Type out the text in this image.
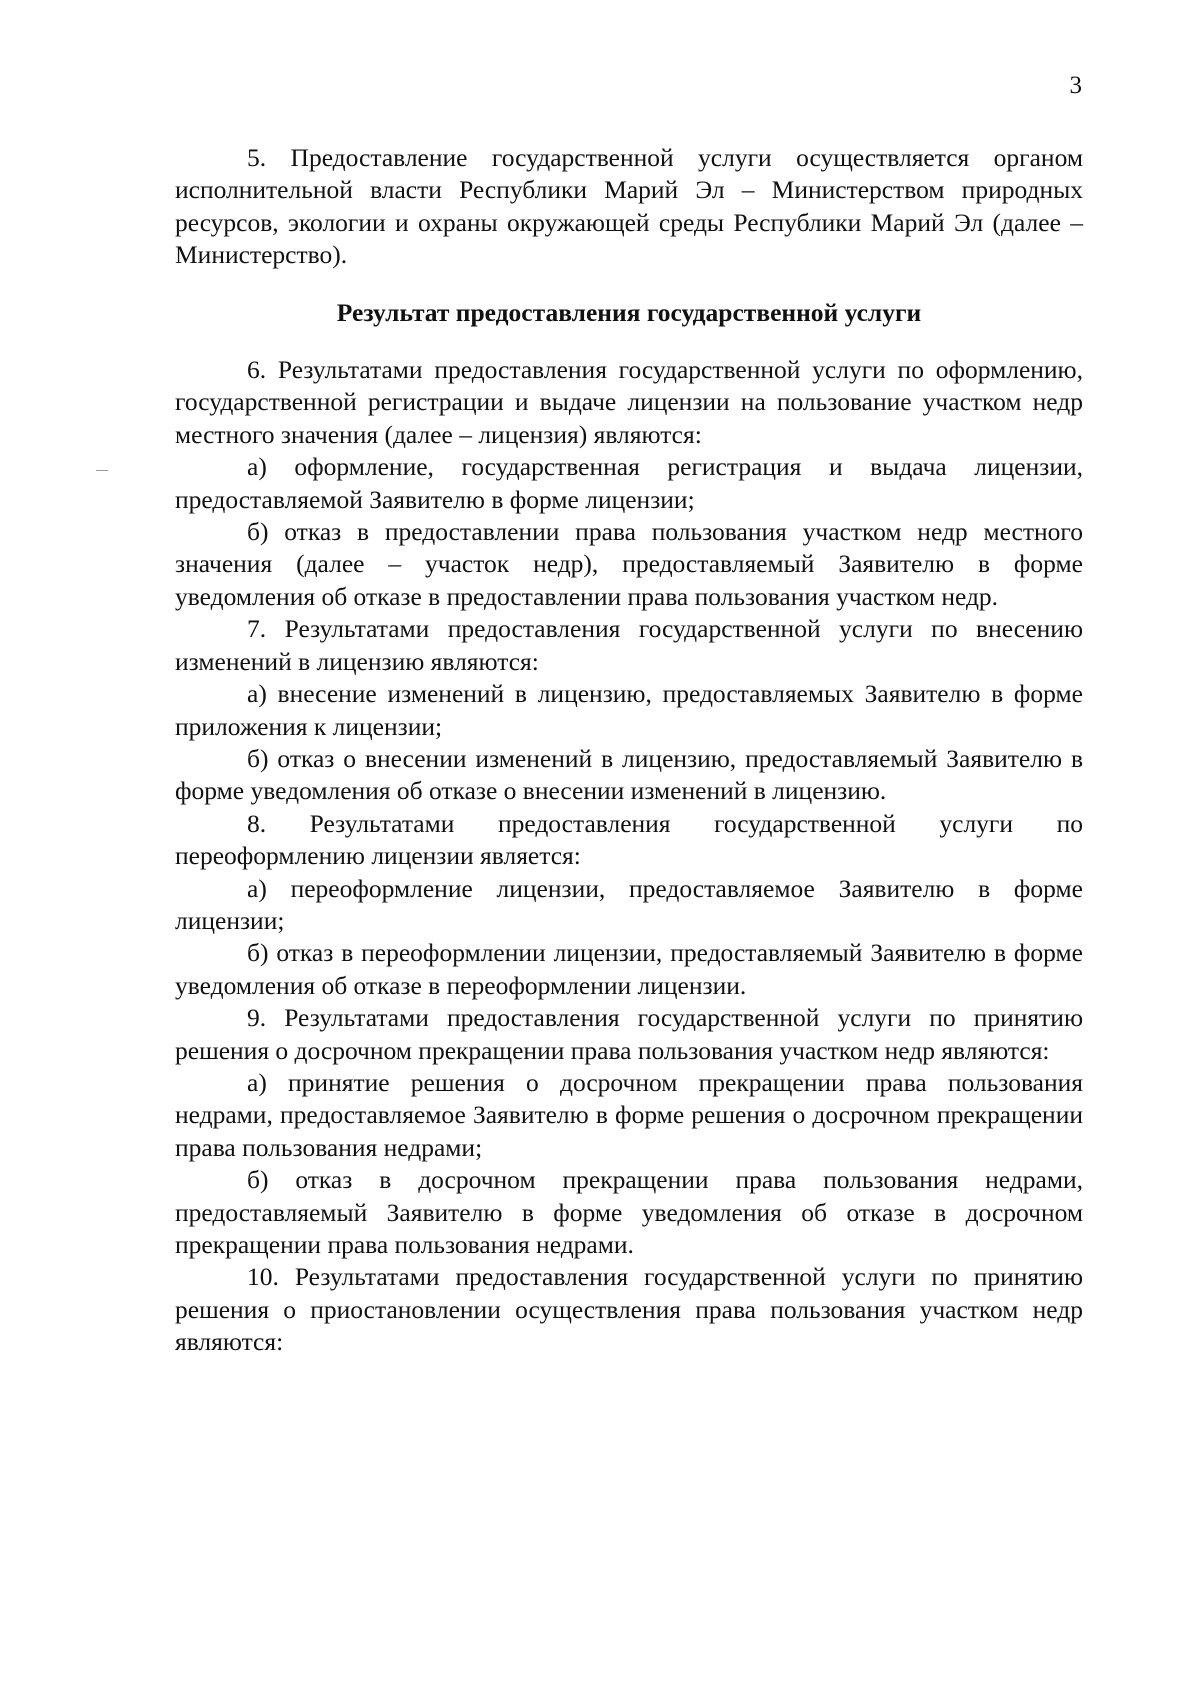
3

5. Предоставление государственной услуги осуществляется органом исполнительной власти Республики Марий Эл – Министерством природных ресурсов, экологии и охраны окружающей среды Республики Марий Эл (далее – Министерство).

Результат предоставления государственной услуги

6. Результатами предоставления государственной услуги по оформлению, государственной регистрации и выдаче лицензии на пользование участком недр местного значения (далее – лицензия) являются:

а) оформление, государственная регистрация и выдача лицензии, предоставляемой Заявителю в форме лицензии;

б) отказ в предоставлении права пользования участком недр местного значения (далее – участок недр), предоставляемый Заявителю в форме уведомления об отказе в предоставлении права пользования участком недр.

7. Результатами предоставления государственной услуги по внесению изменений в лицензию являются:

а) внесение изменений в лицензию, предоставляемых Заявителю в форме приложения к лицензии;

б) отказ о внесении изменений в лицензию, предоставляемый Заявителю в форме уведомления об отказе о внесении изменений в лицензию.

8. Результатами предоставления государственной услуги по переоформлению лицензии является:

а) переоформление лицензии, предоставляемое Заявителю в форме лицензии;

б) отказ в переоформлении лицензии, предоставляемый Заявителю в форме уведомления об отказе в переоформлении лицензии.

9. Результатами предоставления государственной услуги по принятию решения о досрочном прекращении права пользования участком недр являются:

а) принятие решения о досрочном прекращении права пользования недрами, предоставляемое Заявителю в форме решения о досрочном прекращении права пользования недрами;

б) отказ в досрочном прекращении права пользования недрами, предоставляемый Заявителю в форме уведомления об отказе в досрочном прекращении права пользования недрами.

10. Результатами предоставления государственной услуги по принятию решения о приостановлении осуществления права пользования участком недр являются:
